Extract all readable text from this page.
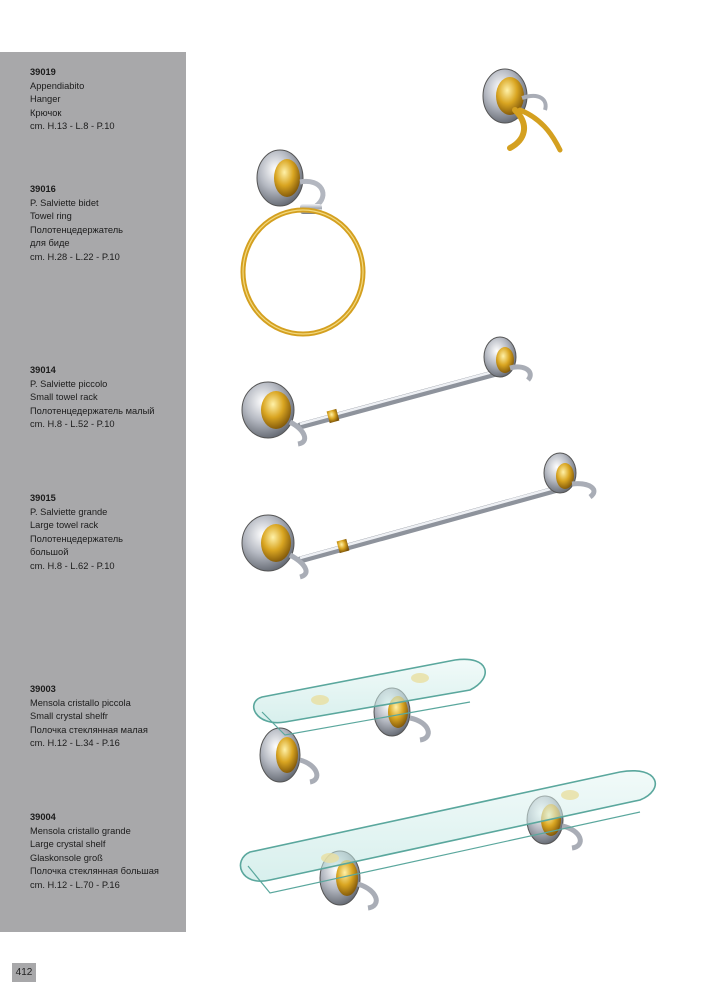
39019
Appendiabito
Hanger
Крючок
cm. H.13 - L.8 - P.10
39016
P. Salviette bidet
Towel ring
Полотенцедержатель
для биде
cm. H.28 - L.22 - P.10
39014
P. Salviette piccolo
Small towel rack
Полотенцедержатель малый
cm. H.8 - L.52 - P.10
39015
P. Salviette grande
Large towel rack
Полотенцедержатель
большой
cm. H.8 - L.62 - P.10
39003
Mensola cristallo piccola
Small crystal shelfr
Полочка стеклянная малая
cm. H.12 - L.34 - P.16
39004
Mensola cristallo grande
Large crystal shelf
Glaskonsole groß
Полочка стеклянная большая
cm. H.12 - L.70 - P.16
412
